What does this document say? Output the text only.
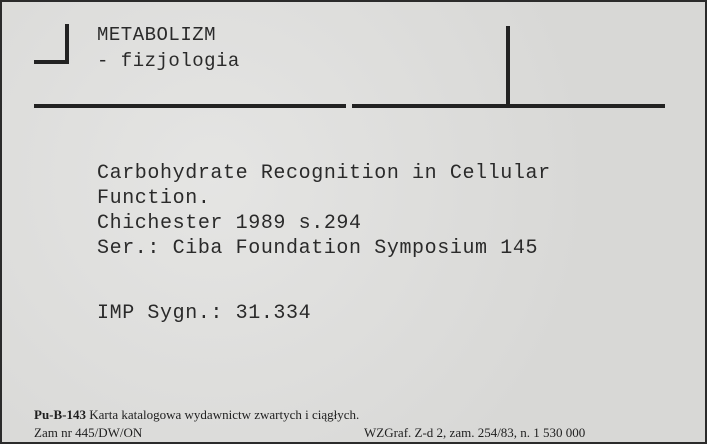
METABOLIZM
- fizjologia
Carbohydrate Recognition in Cellular
Function.
Chichester 1989 s.294
Ser.: Ciba Foundation Symposium 145
IMP Sygn.: 31.334
Pu-B-143 Karta katalogowa wydawnictw zwartych i ciągłych.
Zam nr 445/DW/ON	WZGraf. Z-d 2, zam. 254/83, n. 1 530 000
